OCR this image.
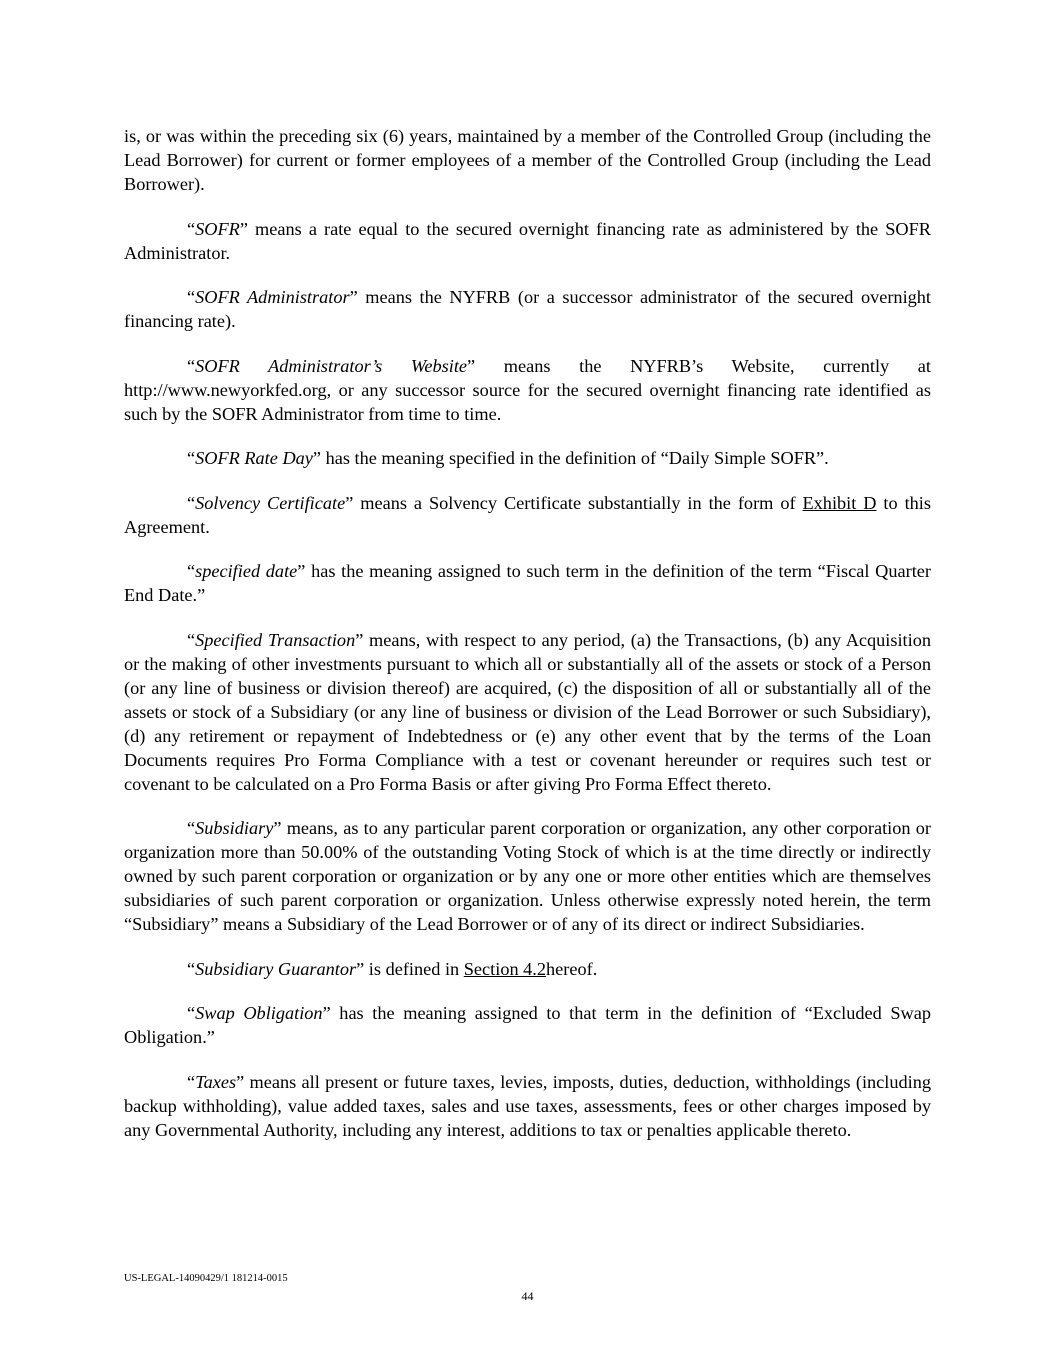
is, or was within the preceding six (6) years, maintained by a member of the Controlled Group (including the Lead Borrower) for current or former employees of a member of the Controlled Group (including the Lead Borrower).

“SOFR” means a rate equal to the secured overnight financing rate as administered by the SOFR Administrator.

“SOFR Administrator” means the NYFRB (or a successor administrator of the secured overnight financing rate).

“SOFR Administrator’s Website” means the NYFRB’s Website, currently at http://www.newyorkfed.org, or any successor source for the secured overnight financing rate identified as such by the SOFR Administrator from time to time.

“SOFR Rate Day” has the meaning specified in the definition of “Daily Simple SOFR”.

“Solvency Certificate” means a Solvency Certificate substantially in the form of Exhibit D to this Agreement.

“specified date” has the meaning assigned to such term in the definition of the term “Fiscal Quarter End Date.”

“Specified Transaction” means, with respect to any period, (a) the Transactions, (b) any Acquisition or the making of other investments pursuant to which all or substantially all of the assets or stock of a Person (or any line of business or division thereof) are acquired, (c) the disposition of all or substantially all of the assets or stock of a Subsidiary (or any line of business or division of the Lead Borrower or such Subsidiary), (d) any retirement or repayment of Indebtedness or (e) any other event that by the terms of the Loan Documents requires Pro Forma Compliance with a test or covenant hereunder or requires such test or covenant to be calculated on a Pro Forma Basis or after giving Pro Forma Effect thereto.

“Subsidiary” means, as to any particular parent corporation or organization, any other corporation or organization more than 50.00% of the outstanding Voting Stock of which is at the time directly or indirectly owned by such parent corporation or organization or by any one or more other entities which are themselves subsidiaries of such parent corporation or organization. Unless otherwise expressly noted herein, the term “Subsidiary” means a Subsidiary of the Lead Borrower or of any of its direct or indirect Subsidiaries.

“Subsidiary Guarantor” is defined in Section 4.2hereof.

“Swap Obligation” has the meaning assigned to that term in the definition of “Excluded Swap Obligation.”

“Taxes” means all present or future taxes, levies, imposts, duties, deduction, withholdings (including backup withholding), value added taxes, sales and use taxes, assessments, fees or other charges imposed by any Governmental Authority, including any interest, additions to tax or penalties applicable thereto.

US-LEGAL-14090429/1 181214-0015
44
